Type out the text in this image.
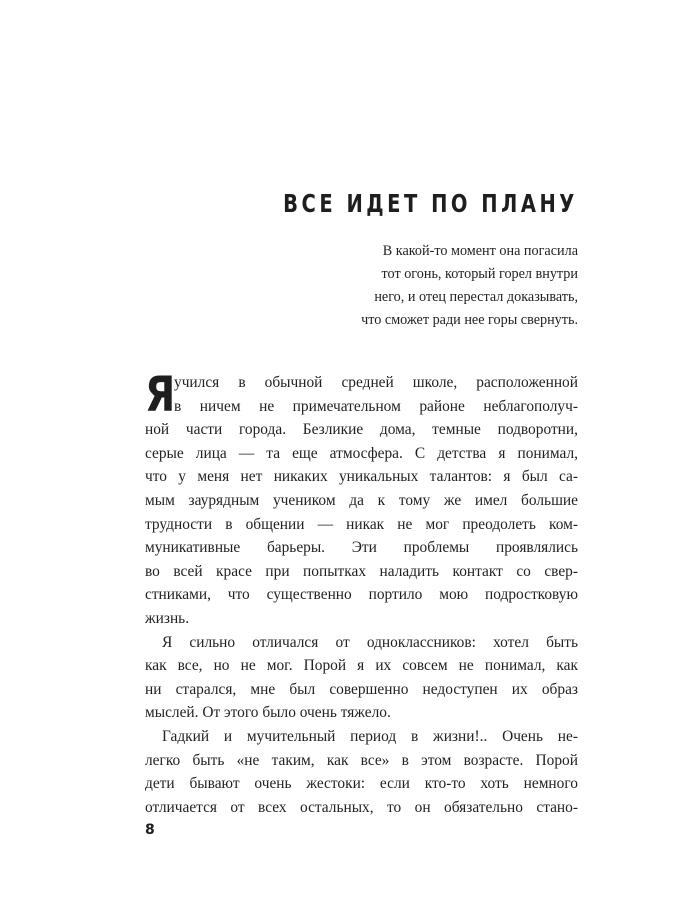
ВСЕ ИДЕТ ПО ПЛАНУ
В какой-то момент она погасила
тот огонь, который горел внутри
него, и отец перестал доказывать,
что сможет ради нее горы свернуть.
Я
учился в обычной средней школе, расположенной
в ничем не примечательном районе неблагополуч-
ной части города. Безликие дома, темные подворотни,
серые лица — та еще атмосфера. С детства я понимал,
что у меня нет никаких уникальных талантов: я был са-
мым заурядным учеником да к тому же имел большие
трудности в общении — никак не мог преодолеть ком-
муникативные барьеры. Эти проблемы проявлялись
во всей красе при попытках наладить контакт со свер-
стниками, что существенно портило мою подростковую
жизнь.
Я сильно отличался от одноклассников: хотел быть
как все, но не мог. Порой я их совсем не понимал, как
ни старался, мне был совершенно недоступен их образ
мыслей. От этого было очень тяжело.
Гадкий и мучительный период в жизни!.. Очень не-
легко быть «не таким, как все» в этом возрасте. Порой
дети бывают очень жестоки: если кто-то хоть немного
отличается от всех остальных, то он обязательно стано-
8
